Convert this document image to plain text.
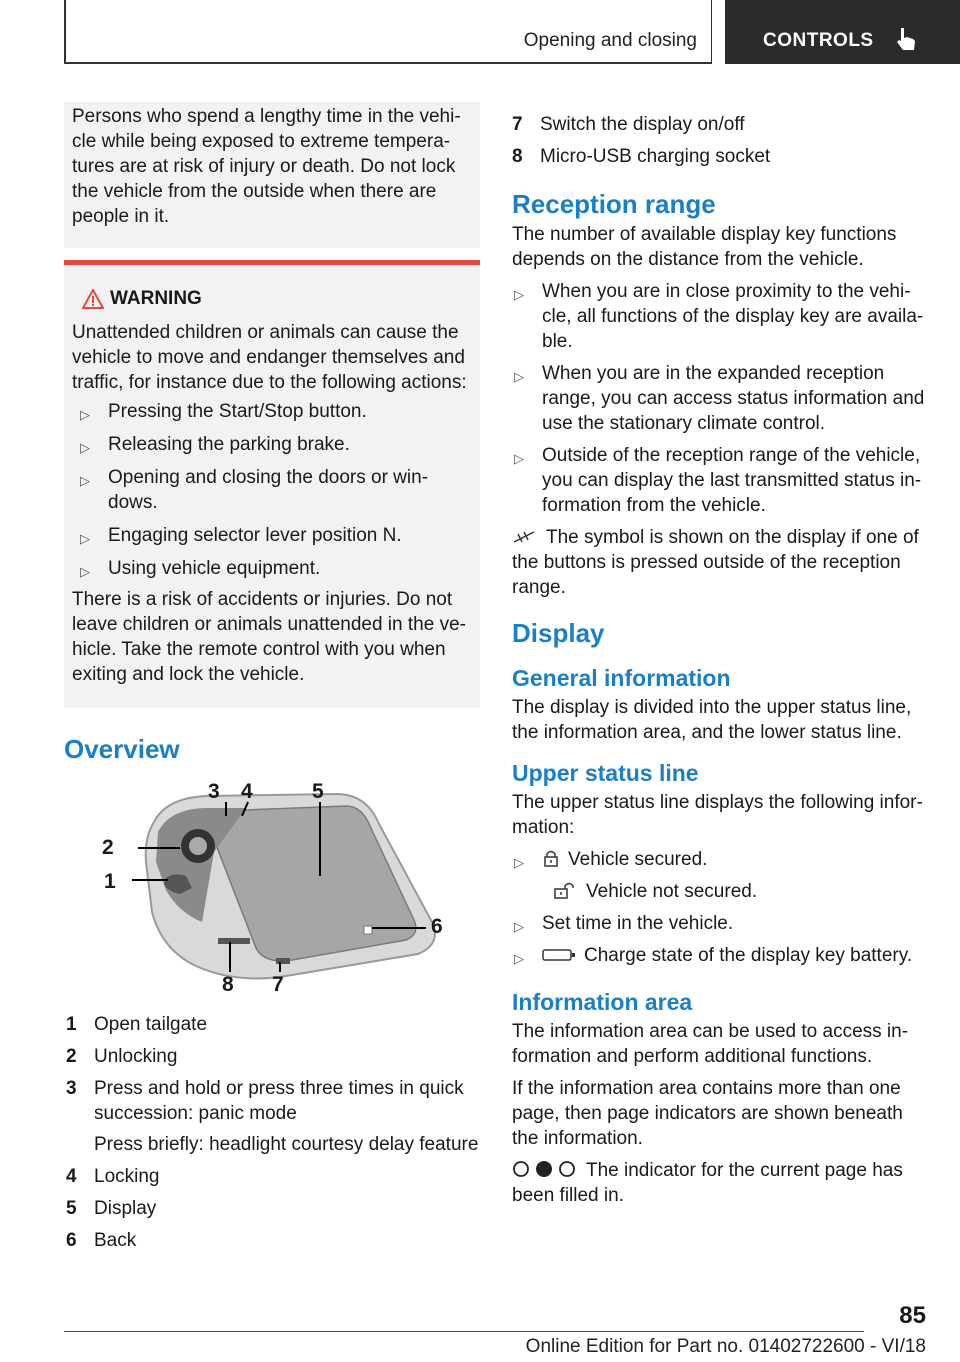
Opening and closing	CONTROLS

Persons who spend a lengthy time in the vehi-cle while being exposed to extreme tempera-tures are at risk of injury or death. Do not lock the vehicle from the outside when there are people in it.

WARNING

Unattended children or animals can cause the vehicle to move and endanger themselves and traffic, for instance due to the following actions:

▷ Pressing the Start/Stop button.
▷ Releasing the parking brake.
▷ Opening and closing the doors or win-dows.
▷ Engaging selector lever position N.
▷ Using vehicle equipment.

There is a risk of accidents or injuries. Do not leave children or animals unattended in the ve-hicle. Take the remote control with you when exiting and lock the vehicle.

Overview
3 4	5
2
1
6
8 7
1 Open tailgate
2 Unlocking
3 Press and hold or press three times in quick succession: panic mode
Press briefly: headlight courtesy delay feature
4 Locking
5 Display
6 Back
7 Switch the display on/off
8 Micro-USB charging socket
Reception range

The number of available display key functions depends on the distance from the vehicle.

▷ When you are in close proximity to the vehi-cle, all functions of the display key are availa-ble.
▷ When you are in the expanded reception range, you can access status information and use the stationary climate control.
▷ Outside of the reception range of the vehicle, you can display the last transmitted status in-formation from the vehicle.

The symbol is shown on the display if one of the buttons is pressed outside of the reception range.

Display
General information

The display is divided into the upper status line, the information area, and the lower status line.

Upper status line

The upper status line displays the following infor-mation:

▷ Vehicle secured.
Vehicle not secured.
▷ Set time in the vehicle.
▷	Charge state of the display key battery.
Information area

The information area can be used to access in-formation and perform additional functions.

If the information area contains more than one page, then page indicators are shown beneath the information.

The indicator for the current page has been filled in.

85
Online Edition for Part no. 01402722600 - VI/18
